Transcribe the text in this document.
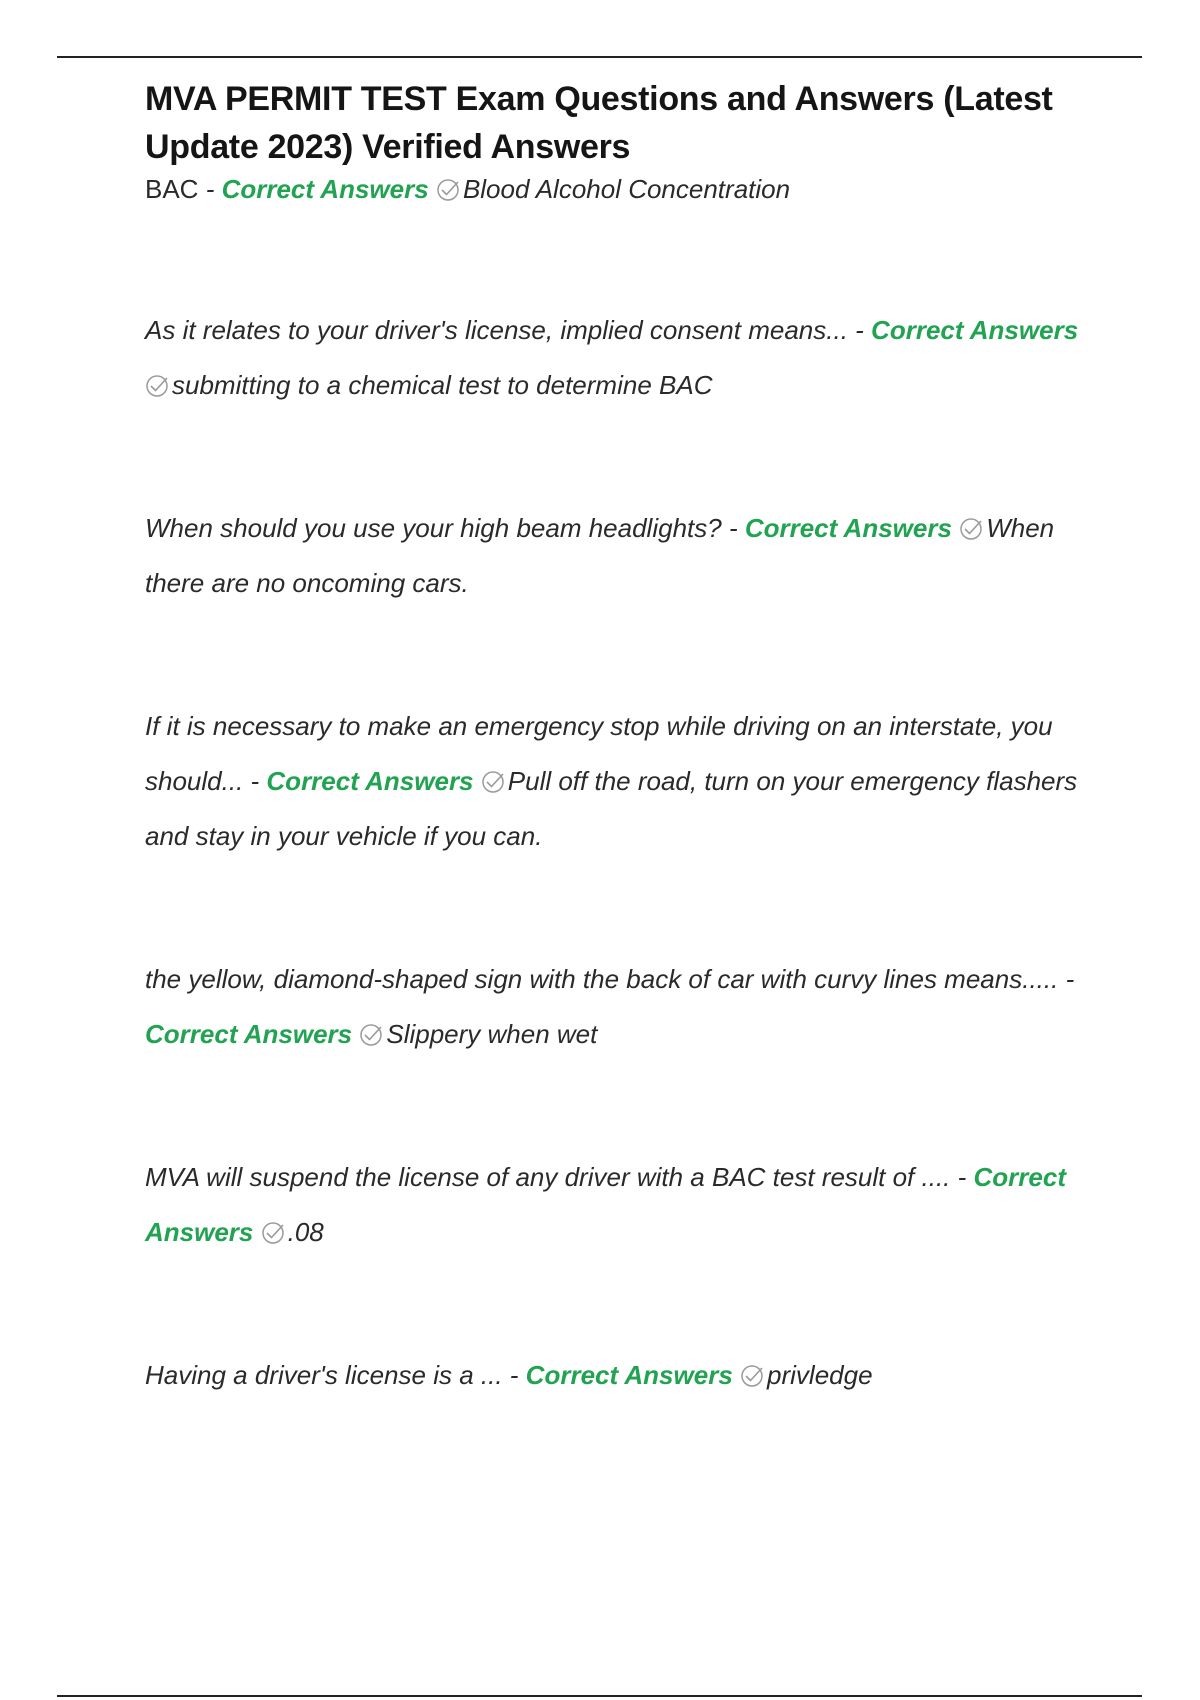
MVA PERMIT TEST Exam Questions and Answers (Latest Update 2023) Verified Answers

BAC - Correct Answers Blood Alcohol Concentration

As it relates to your driver's license, implied consent means... - Correct Answers
submitting to a chemical test to determine BAC

When should you use your high beam headlights? - Correct Answers When there are no oncoming cars.

If it is necessary to make an emergency stop while driving on an interstate, you should... - Correct Answers Pull off the road, turn on your emergency flashers and stay in your vehicle if you can.

the yellow, diamond-shaped sign with the back of car with curvy lines means..... - Correct Answers Slippery when wet

MVA will suspend the license of any driver with a BAC test result of .... - Correct Answers .08

Having a driver's license is a ... - Correct Answers privledge
